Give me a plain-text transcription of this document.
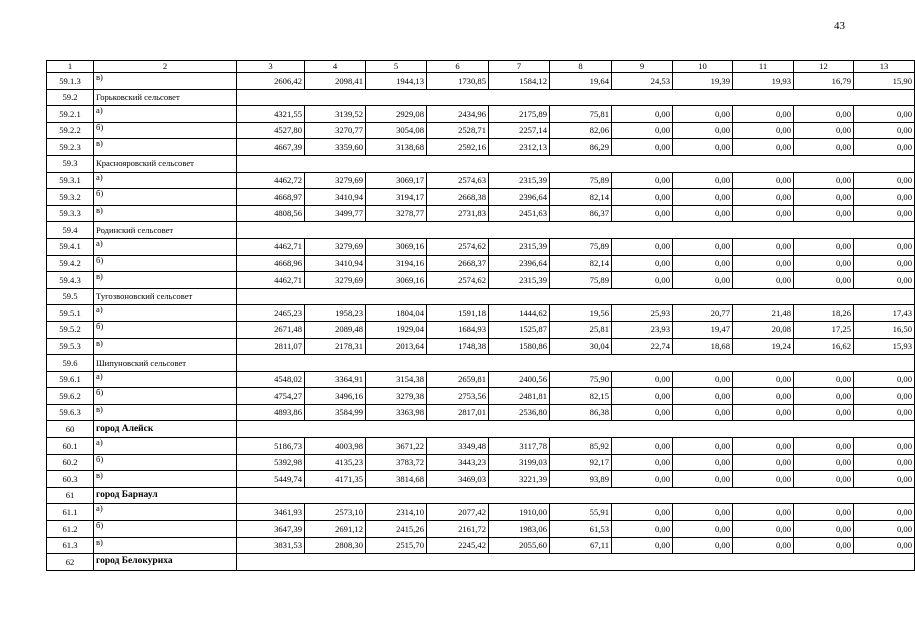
43
1	2	3	4	5	6	7	8	9	10	11	12	13
59.1.3	в)	2606,42	2098,41	1944,13	1730,85	1584,12	19,64	24,53	19,39	19,93	16,79	15,90
59.2	Горьковский сельсовет											
59.2.1	а)	4321,55	3139,52	2929,08	2434,96	2175,89	75,81	0,00	0,00	0,00	0,00	0,00
59.2.2	б)	4527,80	3270,77	3054,08	2528,71	2257,14	82,06	0,00	0,00	0,00	0,00	0,00
59.2.3	в)	4667,39	3359,60	3138,68	2592,16	2312,13	86,29	0,00	0,00	0,00	0,00	0,00
59.3	Краснояровский сельсовет											
59.3.1	а)	4462,72	3279,69	3069,17	2574,63	2315,39	75,89	0,00	0,00	0,00	0,00	0,00
59.3.2	б)	4668,97	3410,94	3194,17	2668,38	2396,64	82,14	0,00	0,00	0,00	0,00	0,00
59.3.3	в)	4808,56	3499,77	3278,77	2731,83	2451,63	86,37	0,00	0,00	0,00	0,00	0,00
59.4	Родинский сельсовет											
59.4.1	а)	4462,71	3279,69	3069,16	2574,62	2315,39	75,89	0,00	0,00	0,00	0,00	0,00
59.4.2	б)	4668,96	3410,94	3194,16	2668,37	2396,64	82,14	0,00	0,00	0,00	0,00	0,00
59.4.3	в)	4462,71	3279,69	3069,16	2574,62	2315,39	75,89	0,00	0,00	0,00	0,00	0,00
59.5	Тугозвоновский сельсовет											
59.5.1	а)	2465,23	1958,23	1804,04	1591,18	1444,62	19,56	25,93	20,77	21,48	18,26	17,43
59.5.2	б)	2671,48	2089,48	1929,04	1684,93	1525,87	25,81	23,93	19,47	20,08	17,25	16,50
59.5.3	в)	2811,07	2178,31	2013,64	1748,38	1580,86	30,04	22,74	18,68	19,24	16,62	15,93
59.6	Шипуновский сельсовет											
59.6.1	а)	4548,02	3364,91	3154,38	2659,81	2400,56	75,90	0,00	0,00	0,00	0,00	0,00
59.6.2	б)	4754,27	3496,16	3279,38	2753,56	2481,81	82,15	0,00	0,00	0,00	0,00	0,00
59.6.3	в)	4893,86	3584,99	3363,98	2817,01	2536,80	86,38	0,00	0,00	0,00	0,00	0,00
60	город Алейск											
60.1	а)	5186,73	4003,98	3671,22	3349,48	3117,78	85,92	0,00	0,00	0,00	0,00	0,00
60.2	б)	5392,98	4135,23	3783,72	3443,23	3199,03	92,17	0,00	0,00	0,00	0,00	0,00
60.3	в)	5449,74	4171,35	3814,68	3469,03	3221,39	93,89	0,00	0,00	0,00	0,00	0,00
61	город Барнаул											
61.1	а)	3461,93	2573,10	2314,10	2077,42	1910,00	55,91	0,00	0,00	0,00	0,00	0,00
61.2	б)	3647,39	2691,12	2415,26	2161,72	1983,06	61,53	0,00	0,00	0,00	0,00	0,00
61.3	в)	3831,53	2808,30	2515,70	2245,42	2055,60	67,11	0,00	0,00	0,00	0,00	0,00
62	город Белокуриха											
